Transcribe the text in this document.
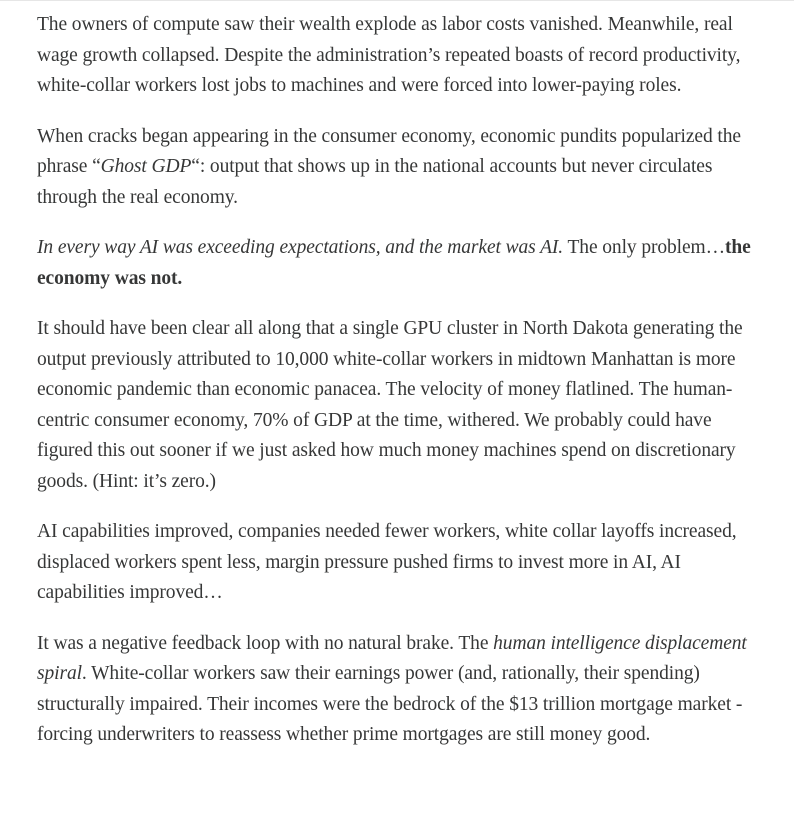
The owners of compute saw their wealth explode as labor costs vanished. Meanwhile, real wage growth collapsed. Despite the administration’s repeated boasts of record productivity, white-collar workers lost jobs to machines and were forced into lower-paying roles.

When cracks began appearing in the consumer economy, economic pundits popularized the phrase “Ghost GDP“: output that shows up in the national accounts but never circulates through the real economy.

In every way AI was exceeding expectations, and the market was AI. The only problem…the economy was not.

It should have been clear all along that a single GPU cluster in North Dakota generating the output previously attributed to 10,000 white-collar workers in midtown Manhattan is more economic pandemic than economic panacea. The velocity of money flatlined. The human-centric consumer economy, 70% of GDP at the time, withered. We probably could have figured this out sooner if we just asked how much money machines spend on discretionary goods. (Hint: it’s zero.)

AI capabilities improved, companies needed fewer workers, white collar layoffs increased, displaced workers spent less, margin pressure pushed firms to invest more in AI, AI capabilities improved…

It was a negative feedback loop with no natural brake. The human intelligence displacement spiral. White-collar workers saw their earnings power (and, rationally, their spending) structurally impaired. Their incomes were the bedrock of the $13 trillion mortgage market - forcing underwriters to reassess whether prime mortgages are still money good.
